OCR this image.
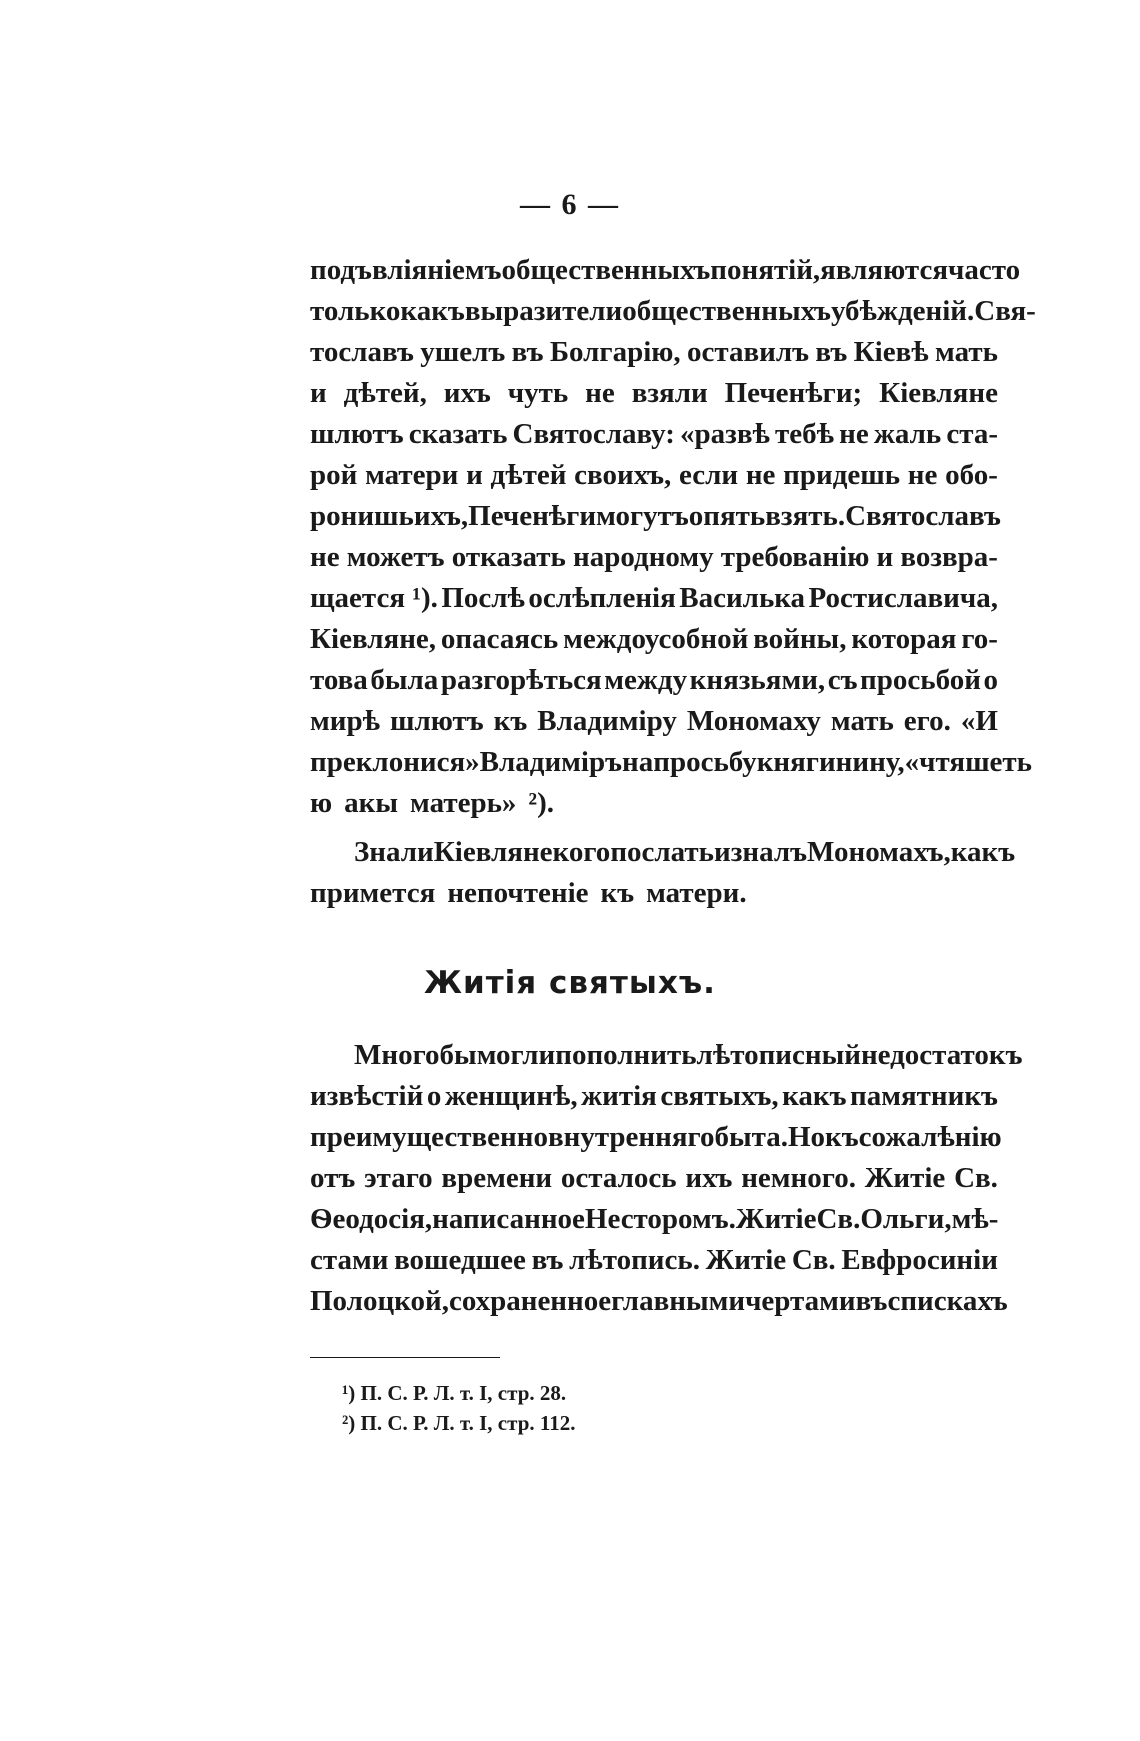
— 6 —
подъ вліяніемъ общественныхъ понятій, являются часто
только какъ выразители общественныхъ убѣжденій. Свя-
тославъ ушелъ въ Болгарію, оставилъ въ Кіевѣ мать
и дѣтей, ихъ чуть не взяли Печенѣги; Кіевляне
шлютъ сказать Святославу: «развѣ тебѣ не жаль ста-
рой матери и дѣтей своихъ, если не придешь не обо-
ронишь ихъ, Печенѣги могутъ опять взять. Святославъ
не можетъ отказать народному требованію и возвра-
щается ¹). Послѣ ослѣпленія Василька Ростиславича,
Кіевляне, опасаясь междоусобной войны, которая го-
това была разгорѣться между князьями, съ просьбой о
мирѣ шлютъ къ Владиміру Мономаху мать его. «И
преклонися» Владиміръ на просьбу княгинину, «чтяшеть
ю акы матерь» ²).
Знали Кіевляне кого послать и зналъ Мономахъ, какъ
примется непочтеніе къ матери.
Житія святыхъ.
Много бы могли пополнить лѣтописный недостатокъ
извѣстій о женщинѣ, житія святыхъ, какъ памятникъ
преимущественно внутренняго быта. Но къ сожалѣнію
отъ этаго времени осталось ихъ немного. Житіе Св.
Ѳеодосія, написанное Несторомъ. Житіе Св. Ольги, мѣ-
стами вошедшее въ лѣтопись. Житіе Св. Евфросиніи
Полоцкой, сохраненное главными чертами въ спискахъ
¹) П. С. Р. Л. т. I, стр. 28.
²) П. С. Р. Л. т. I, стр. 112.
